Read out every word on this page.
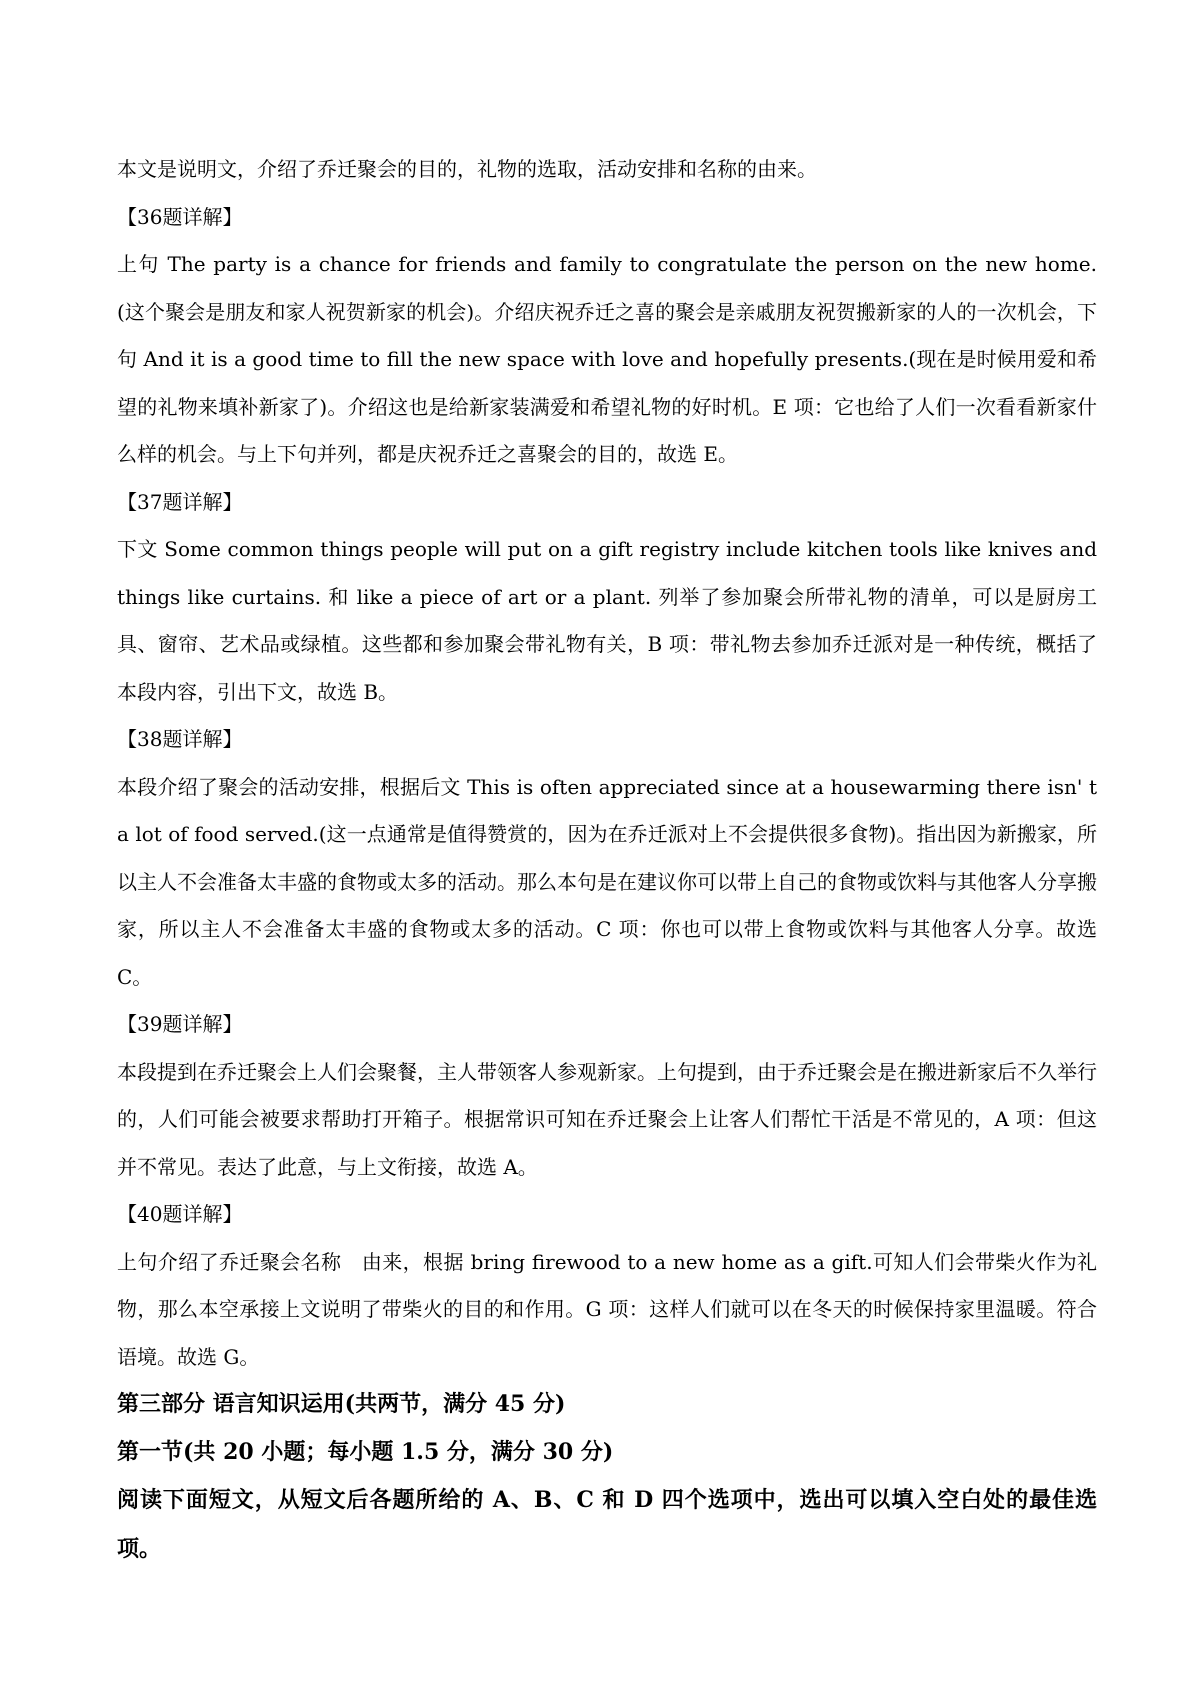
本文是说明文，介绍了乔迁聚会的目的，礼物的选取，活动安排和名称的由来。

【36题详解】

上句 The party is a chance for friends and family to congratulate the person on the new home.(这个聚会是朋友和家人祝贺新家的机会)。介绍庆祝乔迁之喜的聚会是亲戚朋友祝贺搬新家的人的一次机会，下句 And it is a good time to fill the new space with love and hopefully presents.(现在是时候用爱和希望的礼物来填补新家了)。介绍这也是给新家装满爱和希望礼物的好时机。E 项：它也给了人们一次看看新家什么样的机会。与上下句并列，都是庆祝乔迁之喜聚会的目的，故选 E。

【37题详解】

下文 Some common things people will put on a gift registry include kitchen tools like knives and things like curtains. 和 like a piece of art or a plant. 列举了参加聚会所带礼物的清单，可以是厨房工具、窗帘、艺术品或绿植。这些都和参加聚会带礼物有关，B 项：带礼物去参加乔迁派对是一种传统，概括了本段内容，引出下文，故选 B。

【38题详解】

本段介绍了聚会的活动安排，根据后文 This is often appreciated since at a housewarming there isn' t a lot of food served.(这一点通常是值得赞赏的，因为在乔迁派对上不会提供很多食物)。指出因为新搬家，所以主人不会准备太丰盛的食物或太多的活动。那么本句是在建议你可以带上自己的食物或饮料与其他客人分享搬家，所以主人不会准备太丰盛的食物或太多的活动。C 项：你也可以带上食物或饮料与其他客人分享。故选 C。

【39题详解】

本段提到在乔迁聚会上人们会聚餐，主人带领客人参观新家。上句提到，由于乔迁聚会是在搬进新家后不久举行的，人们可能会被要求帮助打开箱子。根据常识可知在乔迁聚会上让客人们帮忙干活是不常见的，A 项：但这并不常见。表达了此意，与上文衔接，故选 A。

【40题详解】

上句介绍了乔迁聚会名称　由来，根据 bring firewood to a new home as a gift.可知人们会带柴火作为礼物，那么本空承接上文说明了带柴火的目的和作用。G 项：这样人们就可以在冬天的时候保持家里温暖。符合语境。故选 G。

第三部分 语言知识运用(共两节，满分 45 分)

第一节(共 20 小题；每小题 1.5 分，满分 30 分)

阅读下面短文，从短文后各题所给的 A、B、C 和 D 四个选项中，选出可以填入空白处的最佳选项。
